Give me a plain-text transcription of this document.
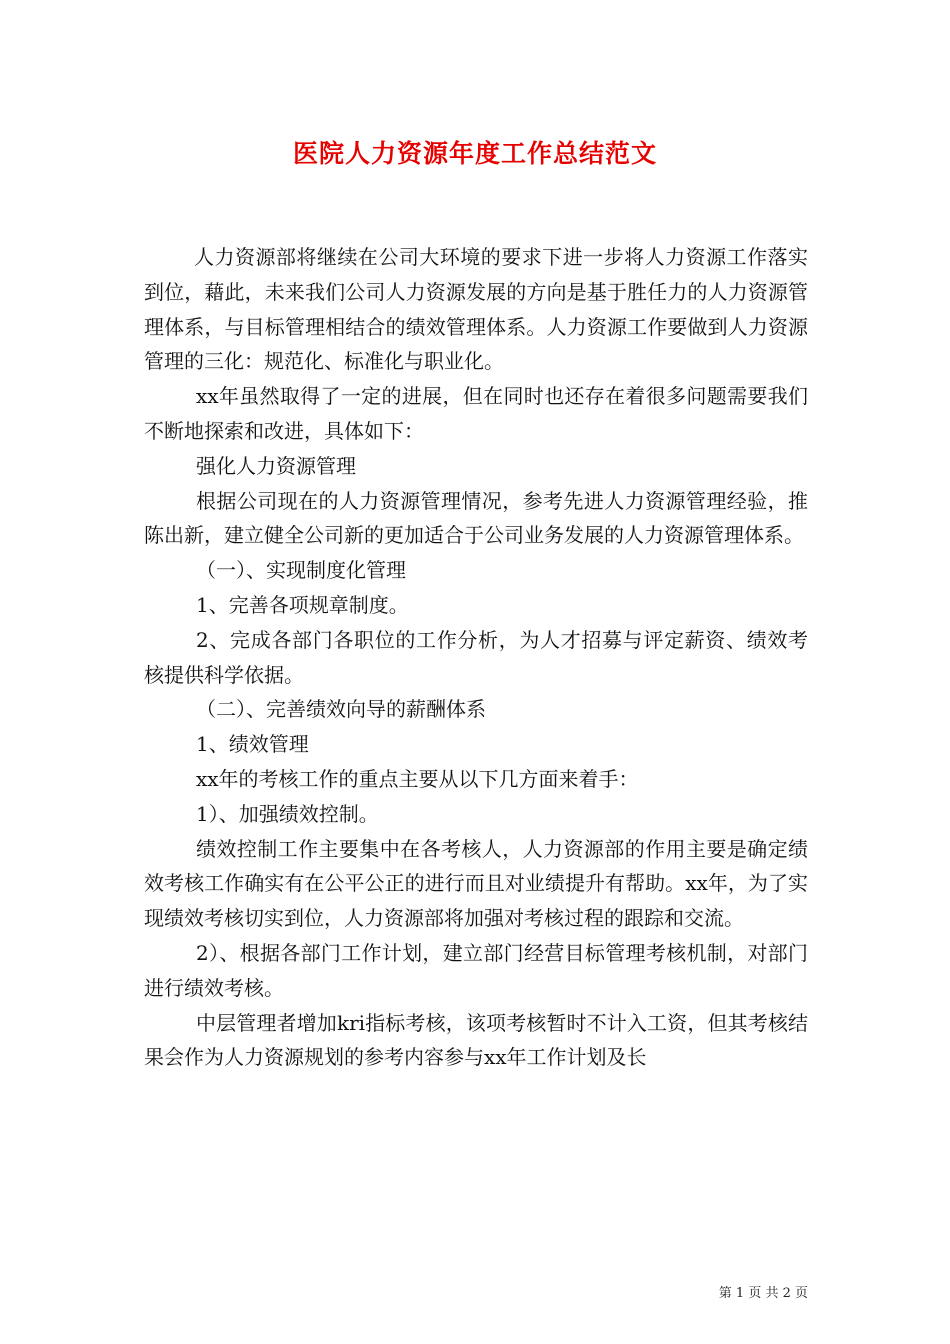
医院人力资源年度工作总结范文

人力资源部将继续在公司大环境的要求下进一步将人力资源工作落实到位，藉此，未来我们公司人力资源发展的方向是基于胜任力的人力资源管理体系，与目标管理相结合的绩效管理体系。人力资源工作要做到人力资源管理的三化：规范化、标准化与职业化。

xx年虽然取得了一定的进展，但在同时也还存在着很多问题需要我们不断地探索和改进，具体如下：

强化人力资源管理

根据公司现在的人力资源管理情况，参考先进人力资源管理经验，推陈出新，建立健全公司新的更加适合于公司业务发展的人力资源管理体系。

（一）、实现制度化管理

1、完善各项规章制度。

2、完成各部门各职位的工作分析，为人才招募与评定薪资、绩效考核提供科学依据。

（二）、完善绩效向导的薪酬体系

1、绩效管理

xx年的考核工作的重点主要从以下几方面来着手：

1）、加强绩效控制。

绩效控制工作主要集中在各考核人，人力资源部的作用主要是确定绩效考核工作确实有在公平公正的进行而且对业绩提升有帮助。xx年，为了实现绩效考核切实到位，人力资源部将加强对考核过程的跟踪和交流。

2）、根据各部门工作计划，建立部门经营目标管理考核机制，对部门进行绩效考核。

中层管理者增加kri指标考核，该项考核暂时不计入工资，但其考核结果会作为人力资源规划的参考内容参与xx年工作计划及长

第 1 页 共 2 页
